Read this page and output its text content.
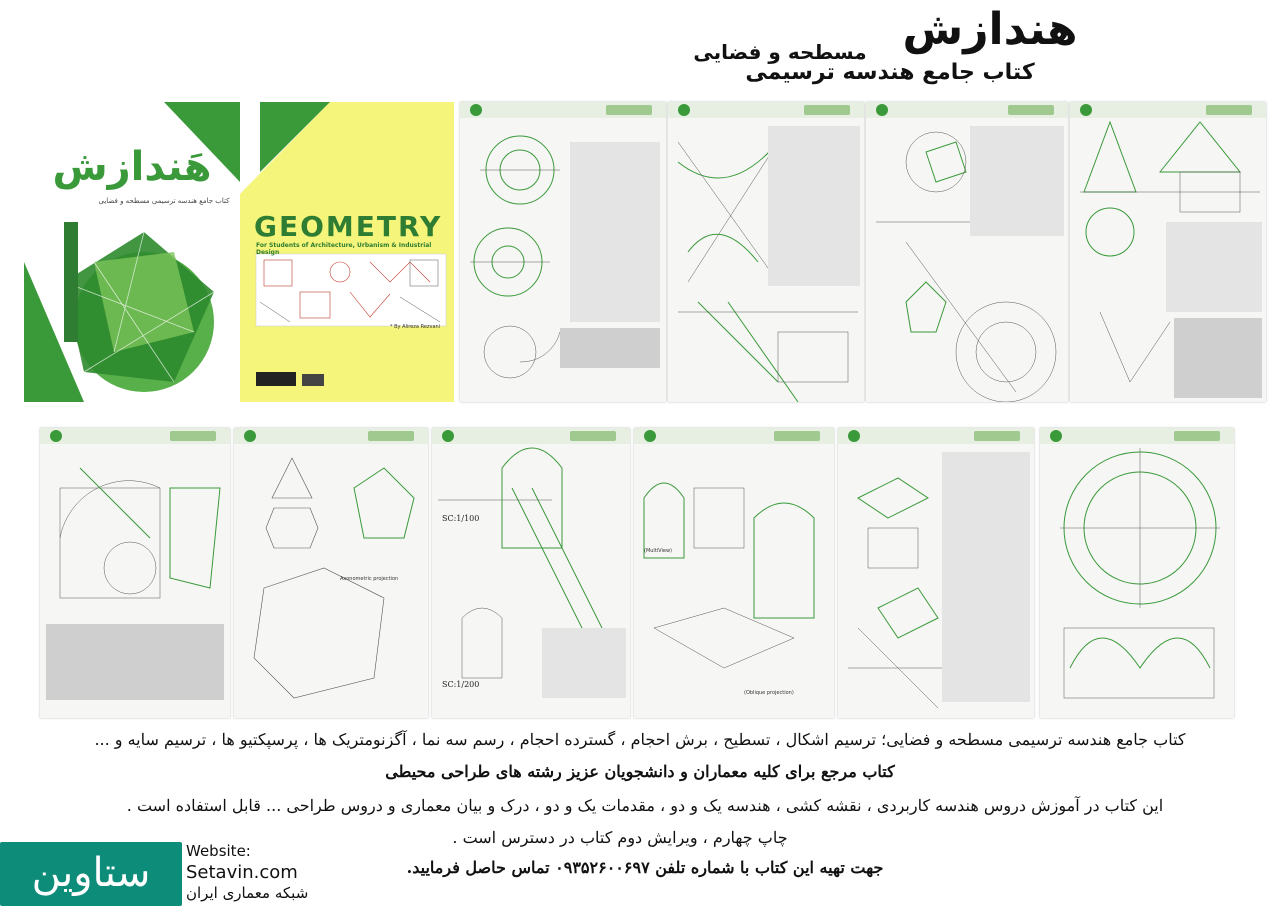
هندازش
مسطحه و فضایی
کتاب جامع هندسه ترسیمی
هَندازش
کتاب جامع هندسه ترسیمی مسطحه و فضایی
GEOMETRY
For Students of Architecture, Urbanism & Industrial Design
* By Alireza Rezvani
Axonometric projection
SC:1/100
SC:1/200
(MultiView)
(Oblique projection)
کتاب جامع هندسه ترسیمی مسطحه و فضایی؛ ترسیم اشکال ، تسطیح ، برش احجام ، گسترده احجام ، رسم سه نما ، آگزنومتریک ها ، پرسپکتیو ها ، ترسیم سایه و ...
کتاب مرجع برای کلیه معماران و دانشجویان عزیز رشته های طراحی محیطی
این کتاب در آموزش دروس هندسه کاربردی ، نقشه کشی ، هندسه یک و دو ، مقدمات یک و دو ، درک و بیان معماری و دروس طراحی ... قابل استفاده است .
چاپ چهارم ، ویرایش دوم کتاب در دسترس است .
جهت تهیه این کتاب با شماره تلفن ۰۹۳۵۲۶۰۰۶۹۷ تماس حاصل فرمایید.
ستاوین	Website:
Setavin.com
شبکه معماری ایران
